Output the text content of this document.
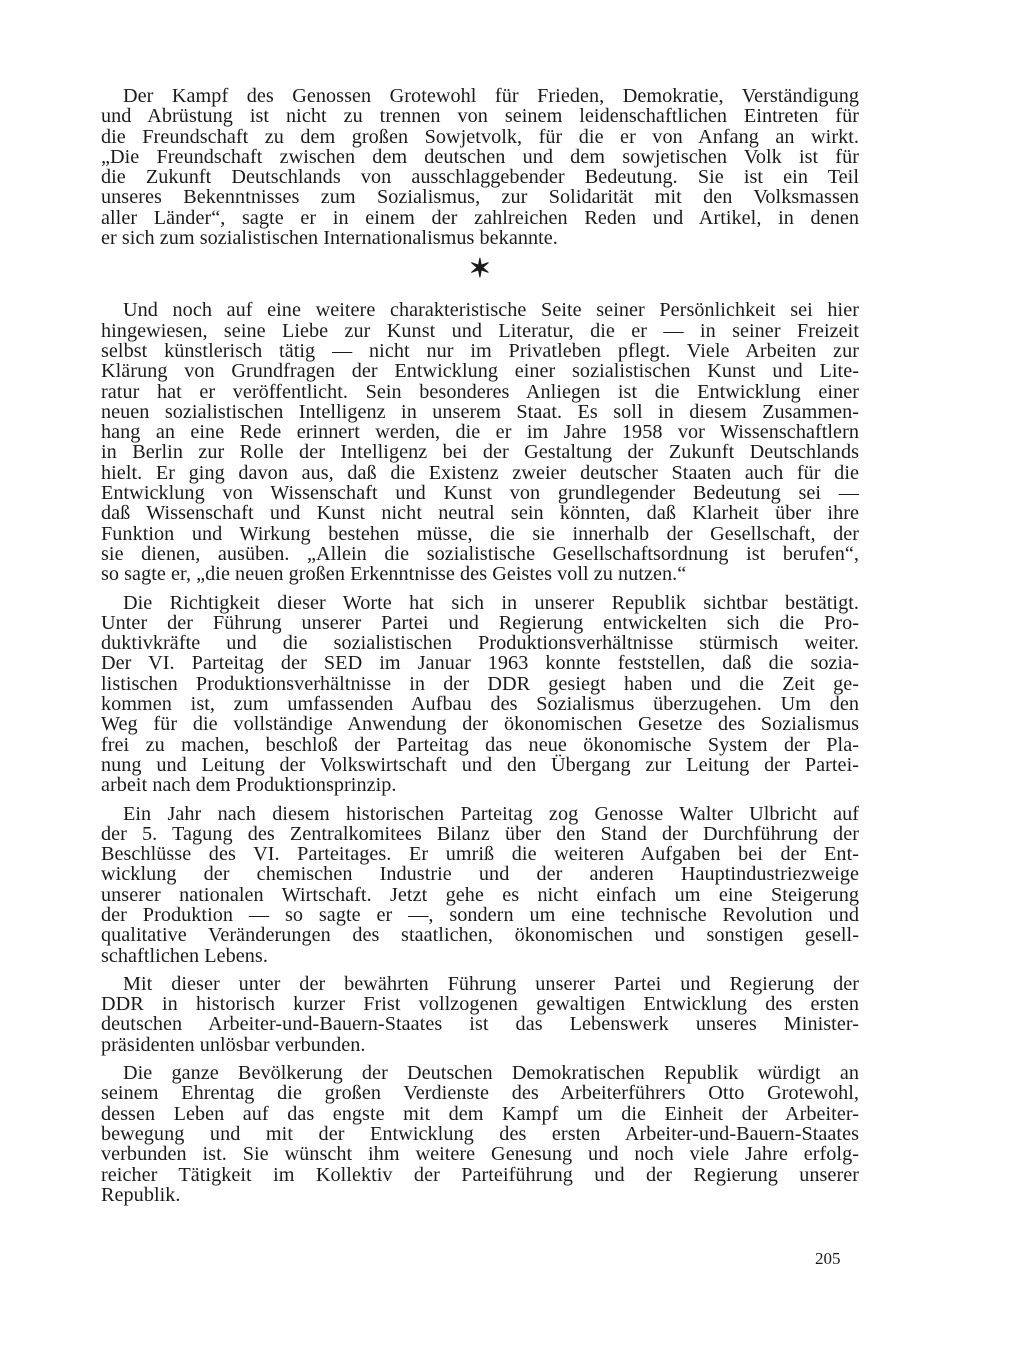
Der Kampf des Genossen Grotewohl für Frieden, Demokratie, Verständigung
und Abrüstung ist nicht zu trennen von seinem leidenschaftlichen Eintreten für
die Freundschaft zu dem großen Sowjetvolk, für die er von Anfang an wirkt.
„Die Freundschaft zwischen dem deutschen und dem sowjetischen Volk ist für
die Zukunft Deutschlands von ausschlaggebender Bedeutung. Sie ist ein Teil
unseres Bekenntnisses zum Sozialismus, zur Solidarität mit den Volksmassen
aller Länder“, sagte er in einem der zahlreichen Reden und Artikel, in denen
er sich zum sozialistischen Internationalismus bekannte.

✶

Und noch auf eine weitere charakteristische Seite seiner Persönlichkeit sei hier
hingewiesen, seine Liebe zur Kunst und Literatur, die er — in seiner Freizeit
selbst künstlerisch tätig — nicht nur im Privatleben pflegt. Viele Arbeiten zur
Klärung von Grundfragen der Entwicklung einer sozialistischen Kunst und Lite-
ratur hat er veröffentlicht. Sein besonderes Anliegen ist die Entwicklung einer
neuen sozialistischen Intelligenz in unserem Staat. Es soll in diesem Zusammen-
hang an eine Rede erinnert werden, die er im Jahre 1958 vor Wissenschaftlern
in Berlin zur Rolle der Intelligenz bei der Gestaltung der Zukunft Deutschlands
hielt. Er ging davon aus, daß die Existenz zweier deutscher Staaten auch für die
Entwicklung von Wissenschaft und Kunst von grundlegender Bedeutung sei —
daß Wissenschaft und Kunst nicht neutral sein könnten, daß Klarheit über ihre
Funktion und Wirkung bestehen müsse, die sie innerhalb der Gesellschaft, der
sie dienen, ausüben. „Allein die sozialistische Gesellschaftsordnung ist berufen“,
so sagte er, „die neuen großen Erkenntnisse des Geistes voll zu nutzen.“

Die Richtigkeit dieser Worte hat sich in unserer Republik sichtbar bestätigt.
Unter der Führung unserer Partei und Regierung entwickelten sich die Pro-
duktivkräfte und die sozialistischen Produktionsverhältnisse stürmisch weiter.
Der VI. Parteitag der SED im Januar 1963 konnte feststellen, daß die sozia-
listischen Produktionsverhältnisse in der DDR gesiegt haben und die Zeit ge-
kommen ist, zum umfassenden Aufbau des Sozialismus überzugehen. Um den
Weg für die vollständige Anwendung der ökonomischen Gesetze des Sozialismus
frei zu machen, beschloß der Parteitag das neue ökonomische System der Pla-
nung und Leitung der Volkswirtschaft und den Übergang zur Leitung der Partei-
arbeit nach dem Produktionsprinzip.

Ein Jahr nach diesem historischen Parteitag zog Genosse Walter Ulbricht auf
der 5. Tagung des Zentralkomitees Bilanz über den Stand der Durchführung der
Beschlüsse des VI. Parteitages. Er umriß die weiteren Aufgaben bei der Ent-
wicklung der chemischen Industrie und der anderen Hauptindustriezweige
unserer nationalen Wirtschaft. Jetzt gehe es nicht einfach um eine Steigerung
der Produktion — so sagte er —, sondern um eine technische Revolution und
qualitative Veränderungen des staatlichen, ökonomischen und sonstigen gesell-
schaftlichen Lebens.

Mit dieser unter der bewährten Führung unserer Partei und Regierung der
DDR in historisch kurzer Frist vollzogenen gewaltigen Entwicklung des ersten
deutschen Arbeiter-und-Bauern-Staates ist das Lebenswerk unseres Minister-
präsidenten unlösbar verbunden.

Die ganze Bevölkerung der Deutschen Demokratischen Republik würdigt an
seinem Ehrentag die großen Verdienste des Arbeiterführers Otto Grotewohl,
dessen Leben auf das engste mit dem Kampf um die Einheit der Arbeiter-
bewegung und mit der Entwicklung des ersten Arbeiter-und-Bauern-Staates
verbunden ist. Sie wünscht ihm weitere Genesung und noch viele Jahre erfolg-
reicher Tätigkeit im Kollektiv der Parteiführung und der Regierung unserer
Republik.

205
